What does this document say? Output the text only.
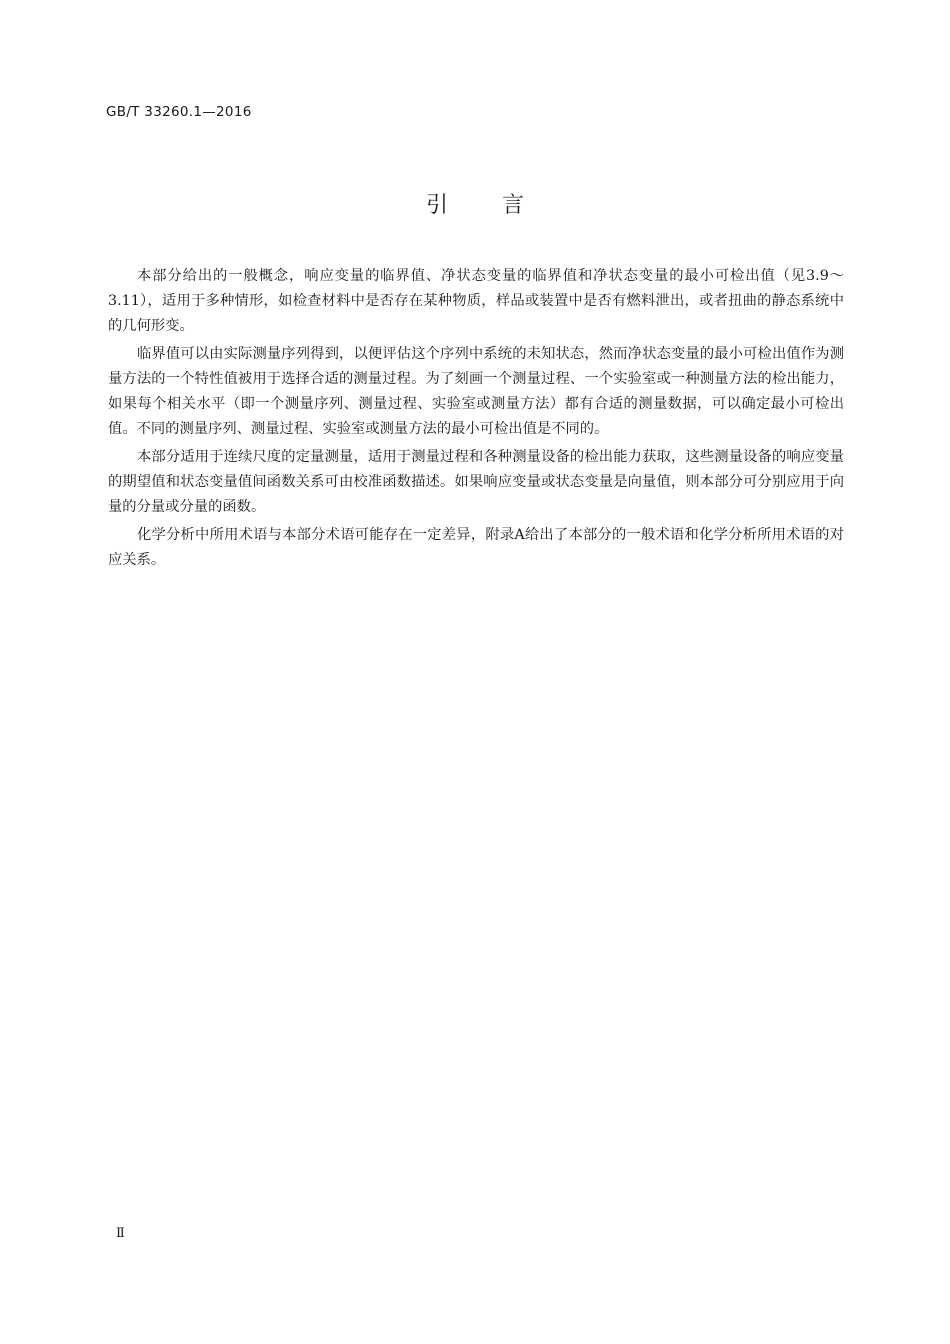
GB/T 33260.1—2016
引言

本部分给出的一般概念，响应变量的临界值、净状态变量的临界值和净状态变量的最小可检出值（见3.9～3.11），适用于多种情形，如检查材料中是否存在某种物质，样品或装置中是否有燃料泄出，或者扭曲的静态系统中的几何形变。

临界值可以由实际测量序列得到，以便评估这个序列中系统的未知状态，然而净状态变量的最小可检出值作为测量方法的一个特性值被用于选择合适的测量过程。为了刻画一个测量过程、一个实验室或一种测量方法的检出能力，如果每个相关水平（即一个测量序列、测量过程、实验室或测量方法）都有合适的测量数据，可以确定最小可检出值。不同的测量序列、测量过程、实验室或测量方法的最小可检出值是不同的。

本部分适用于连续尺度的定量测量，适用于测量过程和各种测量设备的检出能力获取，这些测量设备的响应变量的期望值和状态变量值间函数关系可由校准函数描述。如果响应变量或状态变量是向量值，则本部分可分别应用于向量的分量或分量的函数。

化学分析中所用术语与本部分术语可能存在一定差异，附录A给出了本部分的一般术语和化学分析所用术语的对应关系。

Ⅱ
